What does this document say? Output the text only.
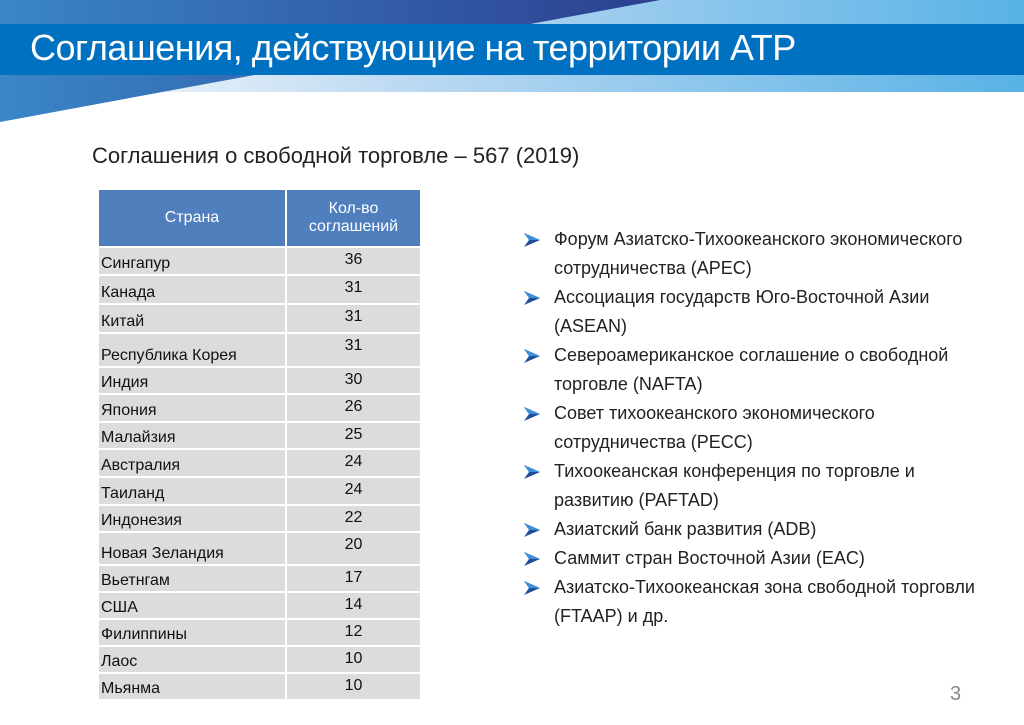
Соглашения, действующие на территории АТР
Соглашения о свободной торговле – 567 (2019)
Страна	Кол-во соглашений
Сингапур	36
Канада	31
Китай	31
Республика Корея	31
Индия	30
Япония	26
Малайзия	25
Австралия	24
Таиланд	24
Индонезия	22
Новая Зеландия	20
Вьетнгам	17
США	14
Филиппины	12
Лаос	10
Мьянма	10
Форум Азиатско-Тихоокеанского экономического сотрудничества (APEC)
Ассоциация государств Юго-Восточной Азии (ASEAN)
Североамериканское соглашение о свободной торговле (NAFTA)
Совет тихоокеанского экономического сотрудничества (PECC)
Тихоокеанская конференция по торговле и развитию (PAFTAD)
Азиатский банк развития (ADB)
Саммит стран Восточной Азии (EAC)
Азиатско-Тихоокеанская зона свободной торговли (FTAAP) и др.
3
